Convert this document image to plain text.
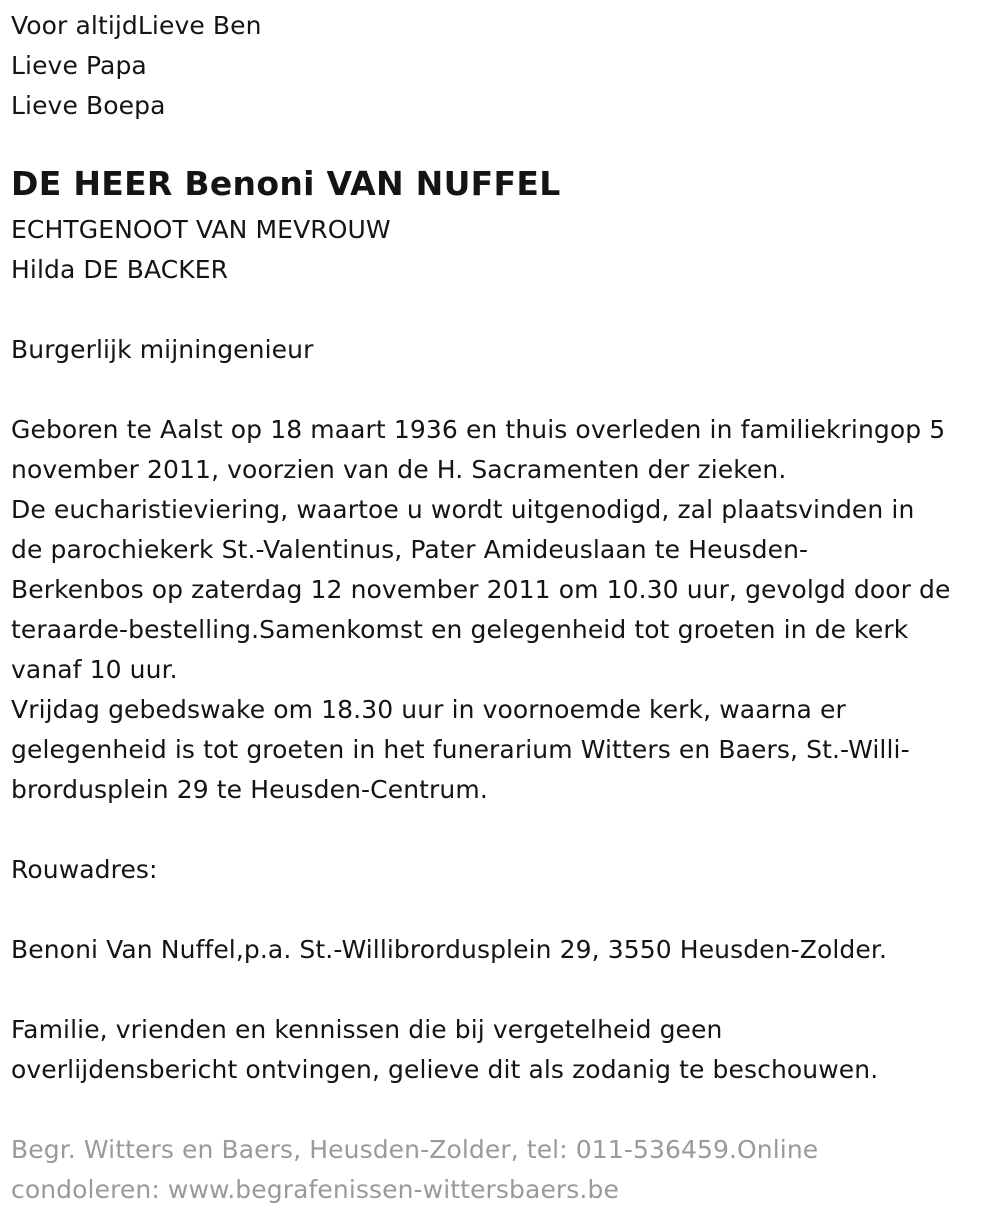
Voor altijdLieve Ben
Lieve Papa
Lieve Boepa
DE HEER Benoni VAN NUFFEL
ECHTGENOOT VAN MEVROUW
Hilda DE BACKER
Burgerlijk mijningenieur
Geboren te Aalst op 18 maart 1936 en thuis overleden in familiekringop 5
november 2011, voorzien van de H. Sacramenten der zieken.
De eucharistieviering, waartoe u wordt uitgenodigd, zal plaatsvinden in
de parochiekerk St.-Valentinus, Pater Amideuslaan te Heusden-
Berkenbos op zaterdag 12 november 2011 om 10.30 uur, gevolgd door de
teraarde-bestelling.Samenkomst en gelegenheid tot groeten in de kerk
vanaf 10 uur.
Vrijdag gebedswake om 18.30 uur in voornoemde kerk, waarna er
gelegenheid is tot groeten in het funerarium Witters en Baers, St.-Willi-
brordusplein 29 te Heusden-Centrum.
Rouwadres:
Benoni Van Nuffel,p.a. St.-Willibrordusplein 29, 3550 Heusden-Zolder.
Familie, vrienden en kennissen die bij vergetelheid geen
overlijdensbericht ontvingen, gelieve dit als zodanig te beschouwen.
Begr. Witters en Baers, Heusden-Zolder, tel: 011-536459.Online
condoleren: www.begrafenissen-wittersbaers.be
